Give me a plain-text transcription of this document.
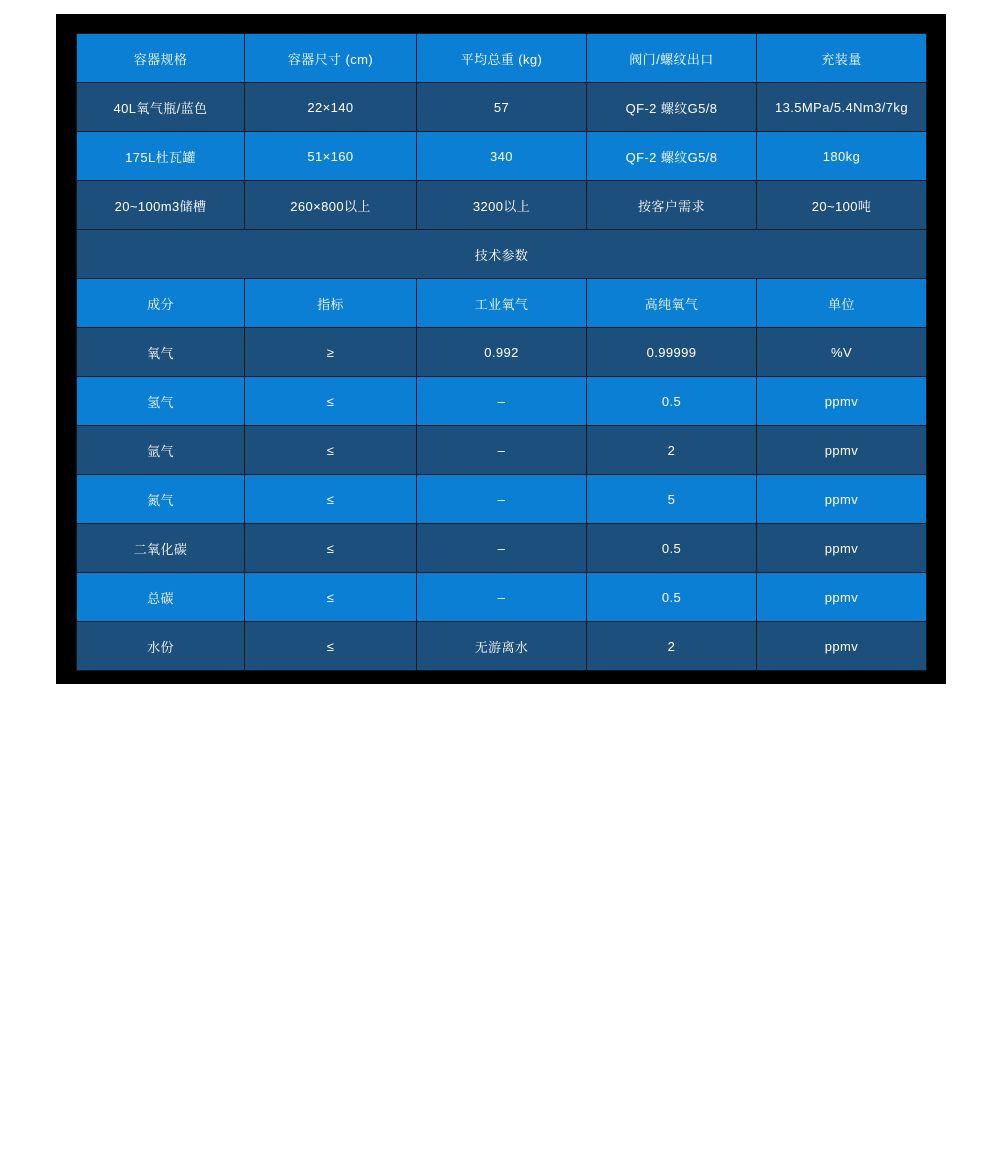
容器规格	容器尺寸 (cm)	平均总重 (kg)	阀门/螺纹出口	充装量
40L氧气瓶/蓝色	22×140	57	QF-2 螺纹G5/8	13.5MPa/5.4Nm3/7kg
175L杜瓦罐	51×160	340	QF-2 螺纹G5/8	180kg
20~100m3储槽	260×800以上	3200以上	按客户需求	20~100吨
技术参数				
成分	指标	工业氧气	高纯氧气	单位
氧气	≥	0.992	0.99999	%V
氢气	≤	–	0.5	ppmv
氩气	≤	–	2	ppmv
氮气	≤	–	5	ppmv
二氧化碳	≤	–	0.5	ppmv
总碳	≤	–	0.5	ppmv
水份	≤	无游离水	2	ppmv
